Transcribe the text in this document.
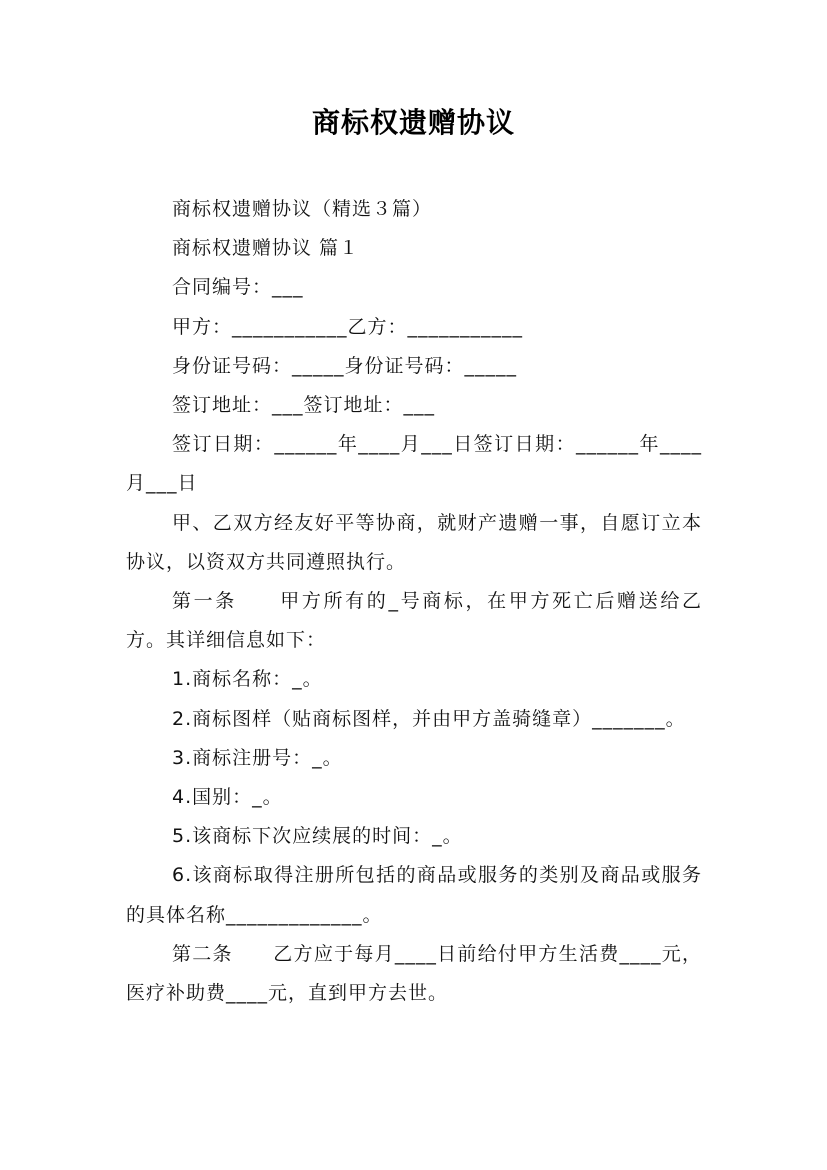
商标权遗赠协议

商标权遗赠协议（精选３篇）

商标权遗赠协议 篇１

合同编号：___

甲方：___________乙方：___________

身份证号码：_____身份证号码：_____

签订地址：___签订地址：___

签订日期：______年____月___日签订日期：______年____月___日

甲、乙双方经友好平等协商，就财产遗赠一事，自愿订立本协议，以资双方共同遵照执行。

第一条　　甲方所有的_号商标，在甲方死亡后赠送给乙方。其详细信息如下：

1.商标名称：_。

2.商标图样（贴商标图样，并由甲方盖骑缝章）_______。

3.商标注册号：_。

4.国别：_。

5.该商标下次应续展的时间：_。

6.该商标取得注册所包括的商品或服务的类别及商品或服务的具体名称_____________。

第二条　　乙方应于每月____日前给付甲方生活费____元，医疗补助费____元，直到甲方去世。
